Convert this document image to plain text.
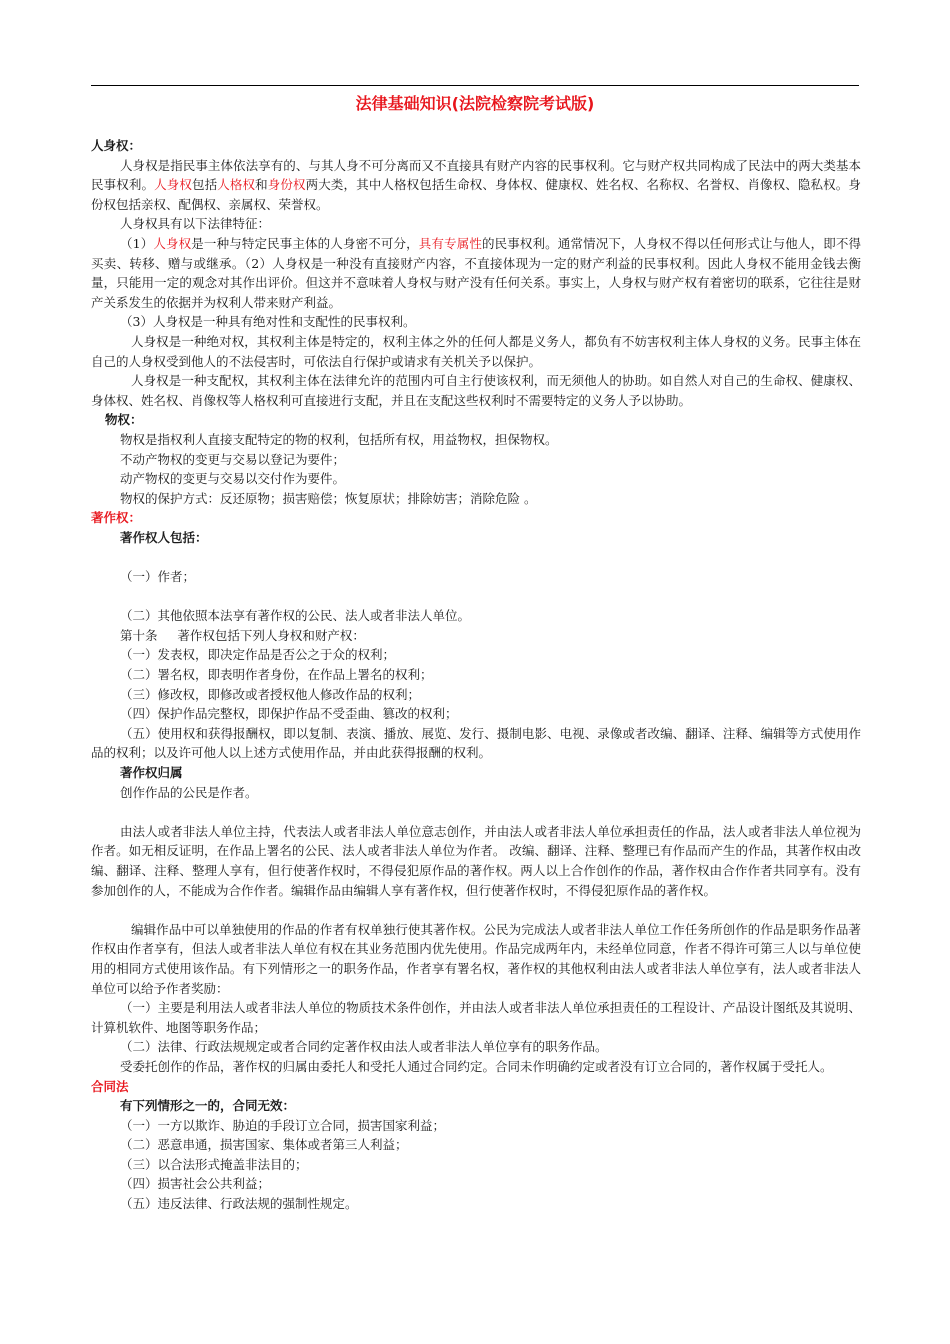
法律基础知识(法院检察院考试版)

人身权：

人身权是指民事主体依法享有的、与其人身不可分离而又不直接具有财产内容的民事权利。它与财产权共同构成了民法中的两大类基本民事权利。人身权包括人格权和身份权两大类，其中人格权包括生命权、身体权、健康权、姓名权、名称权、名誉权、肖像权、隐私权。身份权包括亲权、配偶权、亲属权、荣誉权。

人身权具有以下法律特征：

（1）人身权是一种与特定民事主体的人身密不可分，具有专属性的民事权利。通常情况下，人身权不得以任何形式让与他人，即不得买卖、转移、赠与或继承。（2）人身权是一种没有直接财产内容，不直接体现为一定的财产利益的民事权利。因此人身权不能用金钱去衡量，只能用一定的观念对其作出评价。但这并不意味着人身权与财产没有任何关系。事实上，人身权与财产权有着密切的联系，它往往是财产关系发生的依据并为权利人带来财产利益。

（3）人身权是一种具有绝对性和支配性的民事权利。

人身权是一种绝对权，其权利主体是特定的，权利主体之外的任何人都是义务人，都负有不妨害权利主体人身权的义务。民事主体在自己的人身权受到他人的不法侵害时，可依法自行保护或请求有关机关予以保护。

人身权是一种支配权，其权利主体在法律允许的范围内可自主行使该权利，而无须他人的协助。如自然人对自己的生命权、健康权、身体权、姓名权、肖像权等人格权利可直接进行支配，并且在支配这些权利时不需要特定的义务人予以协助。

物权：

物权是指权利人直接支配特定的物的权利，包括所有权，用益物权，担保物权。

不动产物权的变更与交易以登记为要件；

动产物权的变更与交易以交付作为要件。

物权的保护方式：反还原物；损害赔偿；恢复原状；排除妨害；消除危险 。

著作权：

著作权人包括：

（一）作者；

（二）其他依照本法享有著作权的公民、法人或者非法人单位。

第十条     著作权包括下列人身权和财产权：

（一）发表权，即决定作品是否公之于众的权利；

（二）署名权，即表明作者身份，在作品上署名的权利；

（三）修改权，即修改或者授权他人修改作品的权利；

（四）保护作品完整权，即保护作品不受歪曲、篡改的权利；

（五）使用权和获得报酬权，即以复制、表演、播放、展览、发行、摄制电影、电视、录像或者改编、翻译、注释、编辑等方式使用作品的权利；以及许可他人以上述方式使用作品，并由此获得报酬的权利。

著作权归属

创作作品的公民是作者。

由法人或者非法人单位主持，代表法人或者非法人单位意志创作，并由法人或者非法人单位承担责任的作品，法人或者非法人单位视为作者。如无相反证明，在作品上署名的公民、法人或者非法人单位为作者。 改编、翻译、注释、整理已有作品而产生的作品，其著作权由改编、翻译、注释、整理人享有，但行使著作权时，不得侵犯原作品的著作权。两人以上合作创作的作品，著作权由合作作者共同享有。没有参加创作的人，不能成为合作作者。编辑作品由编辑人享有著作权，但行使著作权时，不得侵犯原作品的著作权。

编辑作品中可以单独使用的作品的作者有权单独行使其著作权。公民为完成法人或者非法人单位工作任务所创作的作品是职务作品著作权由作者享有，但法人或者非法人单位有权在其业务范围内优先使用。作品完成两年内，未经单位同意，作者不得许可第三人以与单位使用的相同方式使用该作品。有下列情形之一的职务作品，作者享有署名权，著作权的其他权利由法人或者非法人单位享有，法人或者非法人单位可以给予作者奖励：

（一）主要是利用法人或者非法人单位的物质技术条件创作，并由法人或者非法人单位承担责任的工程设计、产品设计图纸及其说明、计算机软件、地图等职务作品；

（二）法律、行政法规规定或者合同约定著作权由法人或者非法人单位享有的职务作品。

受委托创作的作品，著作权的归属由委托人和受托人通过合同约定。合同未作明确约定或者没有订立合同的，著作权属于受托人。

合同法

有下列情形之一的，合同无效：

（一）一方以欺诈、胁迫的手段订立合同，损害国家利益；

（二）恶意串通，损害国家、集体或者第三人利益；

（三）以合法形式掩盖非法目的；

（四）损害社会公共利益；

（五）违反法律、行政法规的强制性规定。
